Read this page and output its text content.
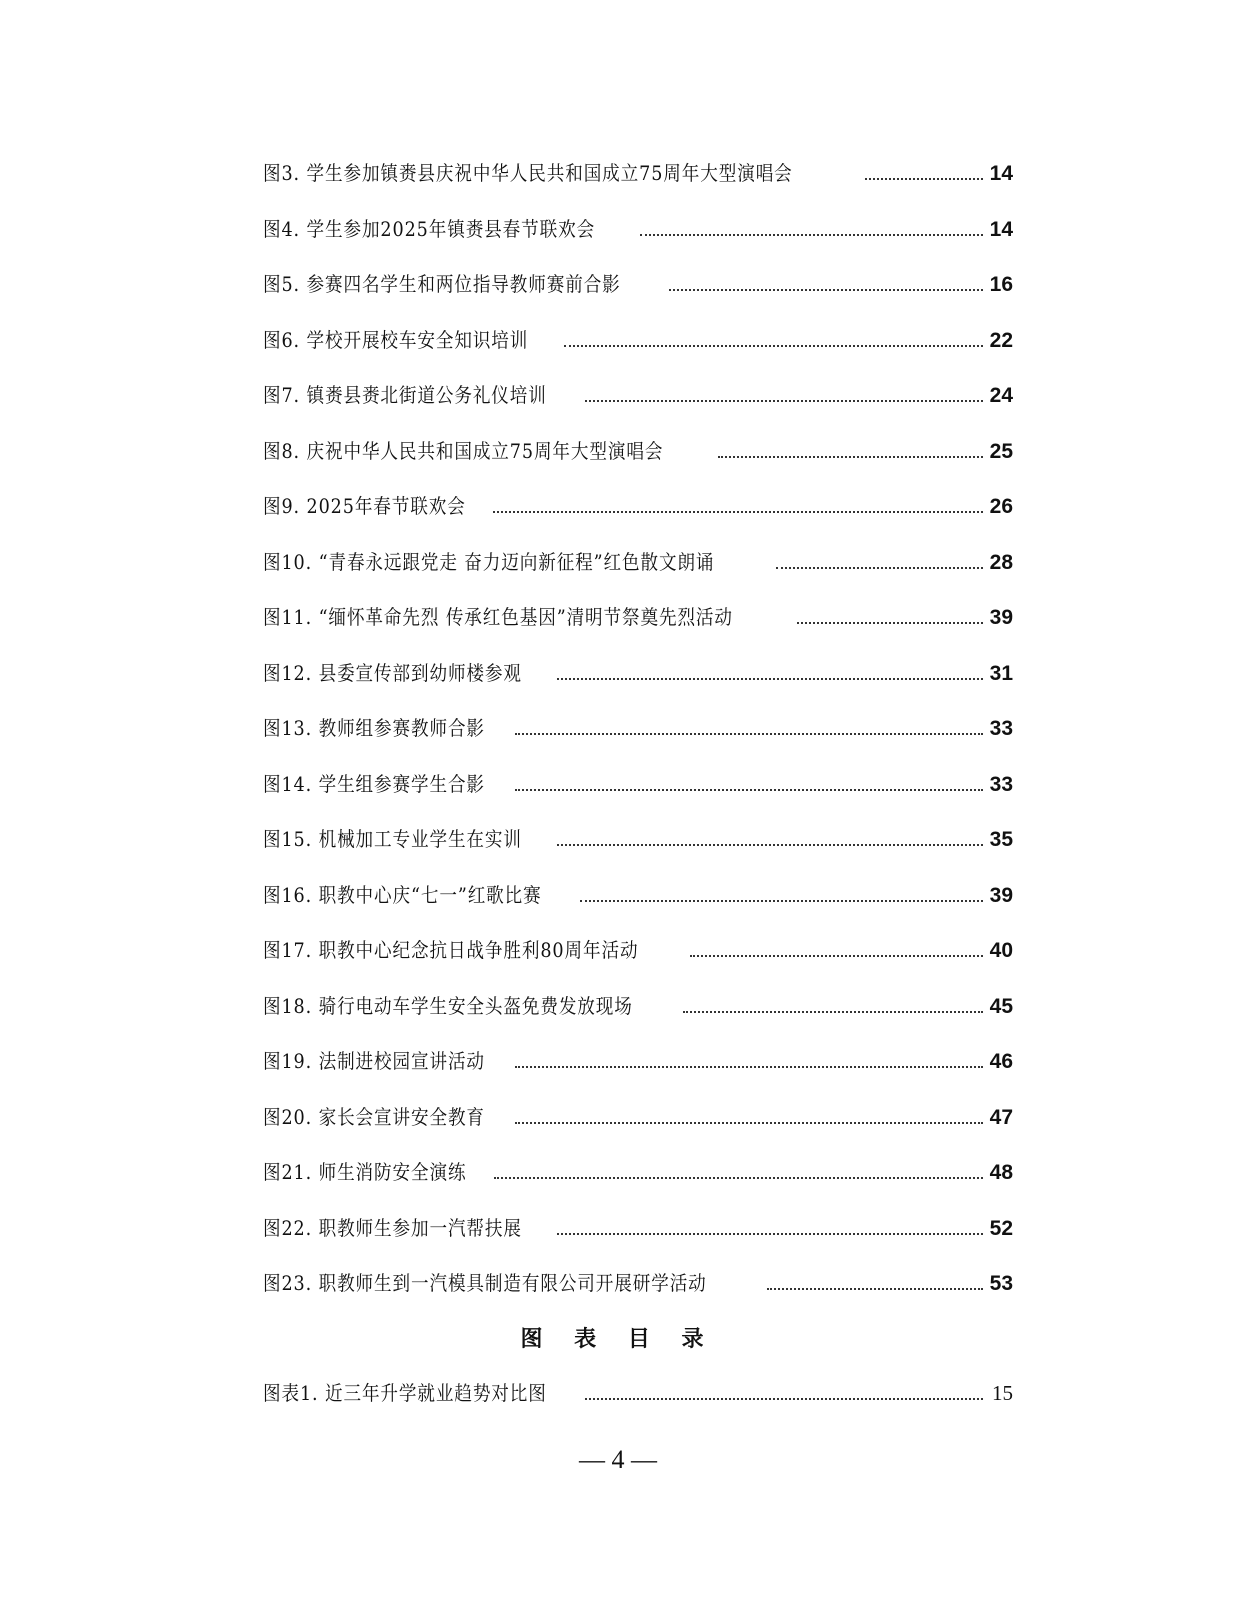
图3. 学生参加镇赉县庆祝中华人民共和国成立75周年大型演唱会	14
图4. 学生参加2025年镇赉县春节联欢会	14
图5. 参赛四名学生和两位指导教师赛前合影	16
图6. 学校开展校车安全知识培训	22
图7. 镇赉县赉北街道公务礼仪培训	24
图8. 庆祝中华人民共和国成立75周年大型演唱会	25
图9. 2025年春节联欢会	26
图10. “青春永远跟党走 奋力迈向新征程”红色散文朗诵	28
图11. “缅怀革命先烈 传承红色基因”清明节祭奠先烈活动	39
图12. 县委宣传部到幼师楼参观	31
图13. 教师组参赛教师合影	33
图14. 学生组参赛学生合影	33
图15. 机械加工专业学生在实训	35
图16. 职教中心庆“七一”红歌比赛	39
图17. 职教中心纪念抗日战争胜利80周年活动	40
图18. 骑行电动车学生安全头盔免费发放现场	45
图19. 法制进校园宣讲活动	46
图20. 家长会宣讲安全教育	47
图21. 师生消防安全演练	48
图22. 职教师生参加一汽帮扶展	52
图23. 职教师生到一汽模具制造有限公司开展研学活动	53
图 表 目 录
图表1. 近三年升学就业趋势对比图	15
— 4 —
